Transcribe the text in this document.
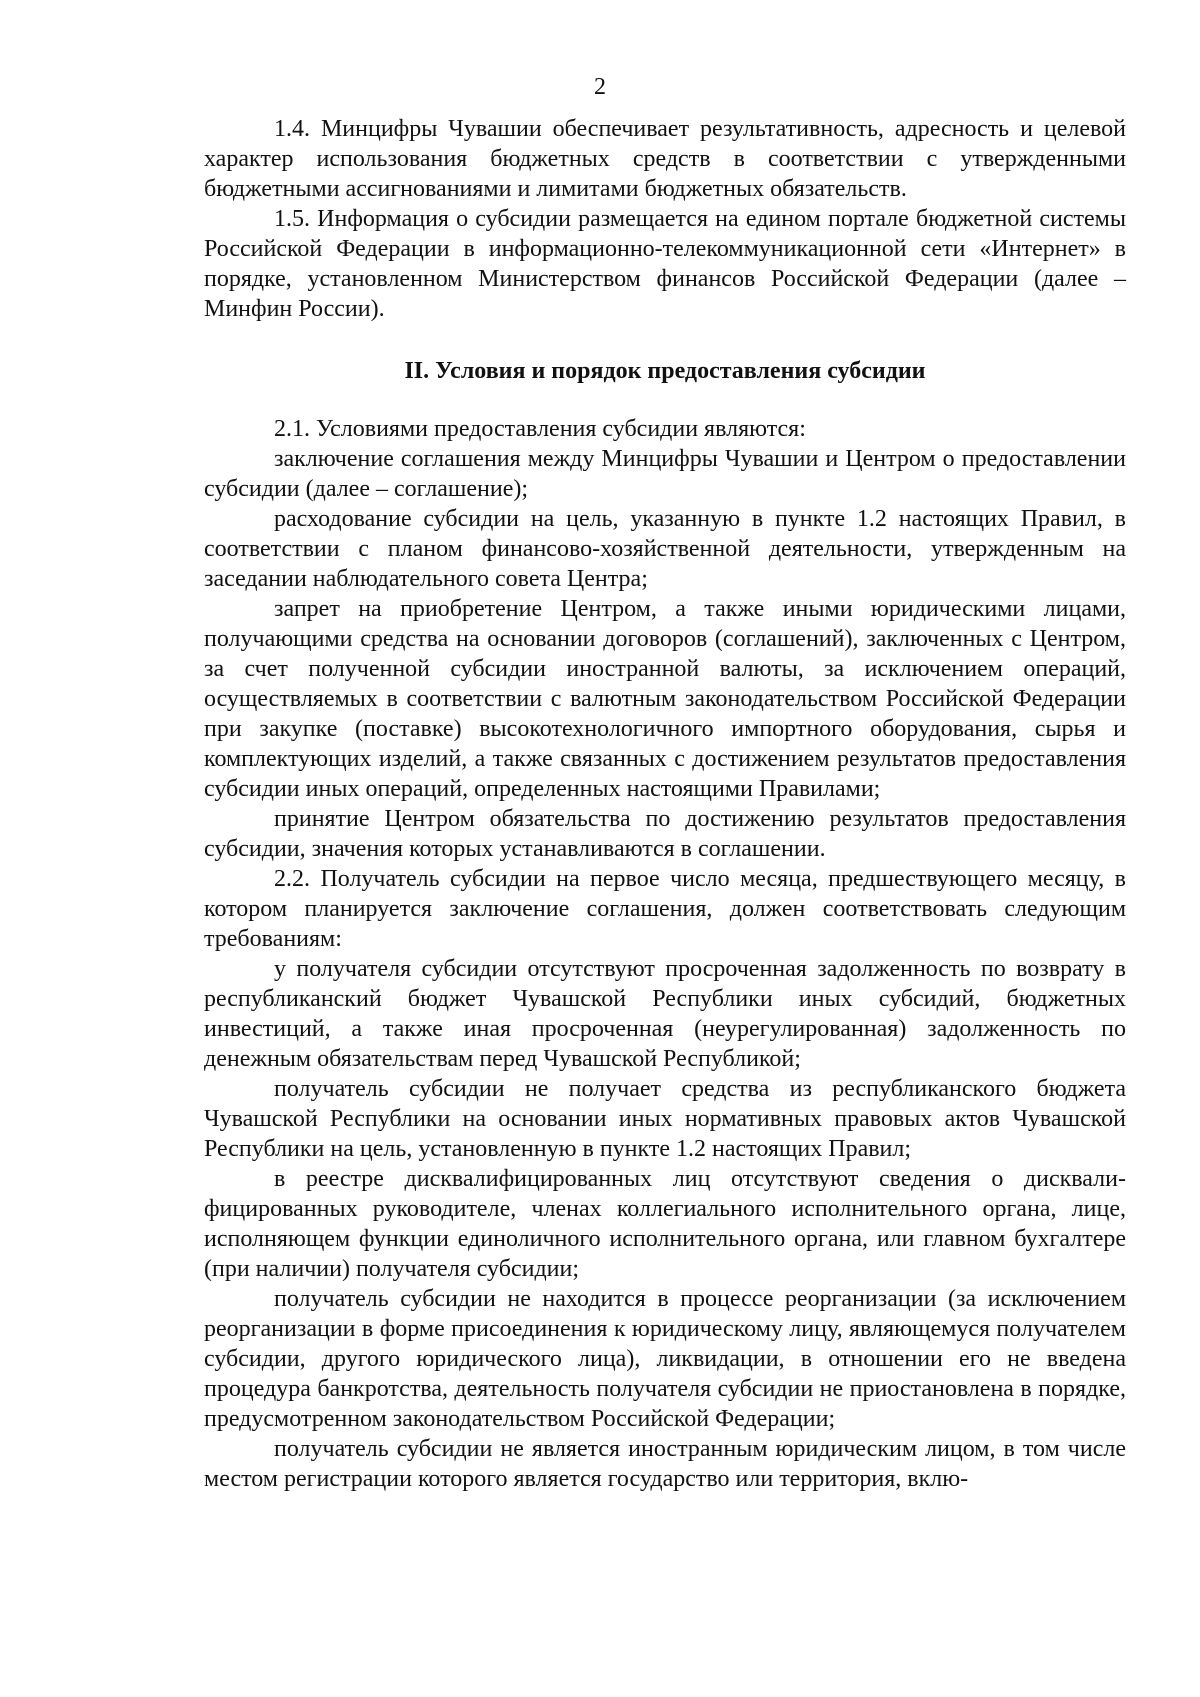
2

1.4. Минцифры Чувашии обеспечивает результативность, адресность и целевой характер использования бюджетных средств в соответствии с утвержденными бюджетными ассигнованиями и лимитами бюджетных обязательств.

1.5. Информация о субсидии размещается на едином портале бюджетной системы Российской Федерации в информационно-телекоммуникационной сети «Интернет» в порядке, установленном Министерством финансов Российской Федерации (далее – Минфин России).

II. Условия и порядок предоставления субсидии

2.1. Условиями предоставления субсидии являются:

заключение соглашения между Минцифры Чувашии и Центром о предоставлении субсидии (далее – соглашение);

расходование субсидии на цель, указанную в пункте 1.2 настоящих Правил, в соответствии с планом финансово-хозяйственной деятельности, утвержденным на заседании наблюдательного совета Центра;

запрет на приобретение Центром, а также иными юридическими лицами, получающими средства на основании договоров (соглашений), заключенных с Центром, за счет полученной субсидии иностранной валюты, за исключением операций, осуществляемых в соответствии с валютным законодательством Российской Федерации при закупке (поставке) высокотехнологичного импортного оборудования, сырья и комплектующих изделий, а также связанных с достижением результатов предоставления субсидии иных операций, определенных настоящими Правилами;

принятие Центром обязательства по достижению результатов предоставления субсидии, значения которых устанавливаются в соглашении.

2.2. Получатель субсидии на первое число месяца, предшествующего месяцу, в котором планируется заключение соглашения, должен соответствовать следующим требованиям:

у получателя субсидии отсутствуют просроченная задолженность по возврату в республиканский бюджет Чувашской Республики иных субсидий, бюджетных инвестиций, а также иная просроченная (неурегулированная) задолженность по денежным обязательствам перед Чувашской Республикой;

получатель субсидии не получает средства из республиканского бюджета Чувашской Республики на основании иных нормативных правовых актов Чувашской Республики на цель, установленную в пункте 1.2 настоящих Правил;

в реестре дисквалифицированных лиц отсутствуют сведения о дисквалифицированных руководителе, членах коллегиального исполнительного органа, лице, исполняющем функции единоличного исполнительного органа, или главном бухгалтере (при наличии) получателя субсидии;

получатель субсидии не находится в процессе реорганизации (за исключением реорганизации в форме присоединения к юридическому лицу, являющемуся получателем субсидии, другого юридического лица), ликвидации, в отношении его не введена процедура банкротства, деятельность получателя субсидии не приостановлена в порядке, предусмотренном законодательством Российской Федерации;

получатель субсидии не является иностранным юридическим лицом, в том числе местом регистрации которого является государство или территория, вклю-
